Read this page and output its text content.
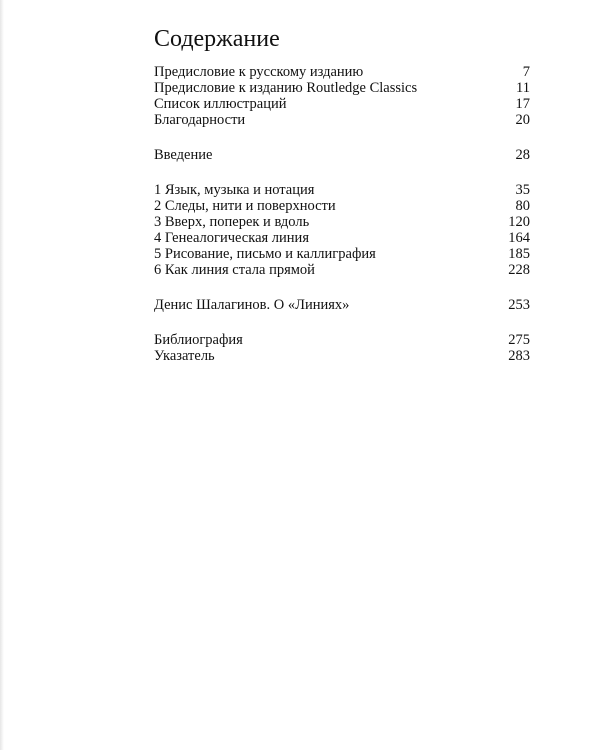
Содержание
Предисловие к русскому изданию	7
Предисловие к изданию Routledge Classics	11
Список иллюстраций	17
Благодарности	20
Введение	28
1 Язык, музыка и нотация	35
2 Следы, нити и поверхности	80
3 Вверх, поперек и вдоль	120
4 Генеалогическая линия	164
5 Рисование, письмо и каллиграфия	185
6 Как линия стала прямой	228
Денис Шалагинов. О «Линиях»	253
Библиография	275
Указатель	283
